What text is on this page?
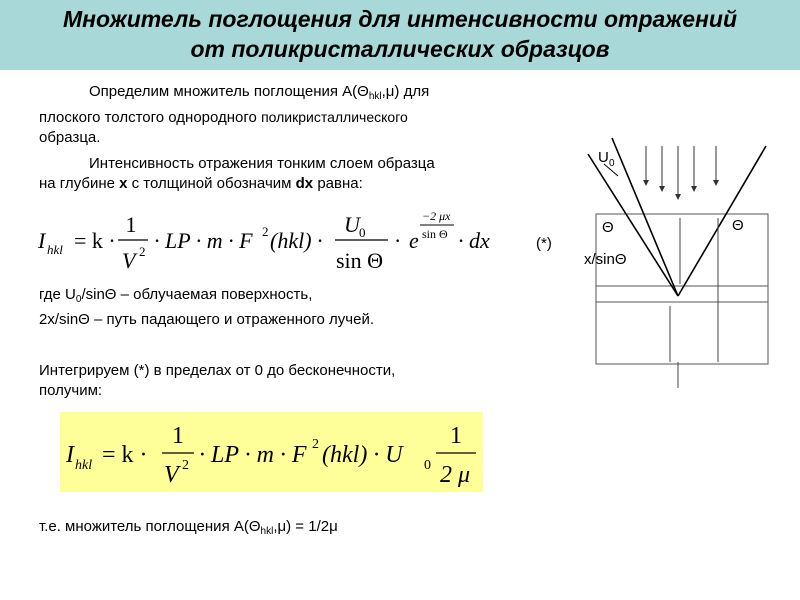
Множитель поглощения для интенсивности отражений
от поликристаллических образцов
Определим множитель поглощения $А(\Theta_{hkl},\mu)$ для
плоского толстого однородного поликристаллического
образца.
Интенсивность отражения тонким слоем образца
на глубине x с толщиной обозначим dx равна:
I hkl = k ·
1
V 2 · LP · m · F 2 (hkl) ·
U 0
sin Θ
· e
−2 μx
sin Θ · dx	(*)
где $U_0$/sinΘ – облучаемая поверхность,
2x/sinΘ – путь падающего и отраженного лучей.
Интегрируем (*) в пределах от 0 до бесконечности,
получим:
I hkl = k ·
1
V 2 · LP · m · F 2 (hkl) · U 0
1
2 μ
т.е. множитель поглощения $А(\Theta_{hkl},\mu) = 1/2\mu$
U 0
Θ	Θ
x/sinΘ
